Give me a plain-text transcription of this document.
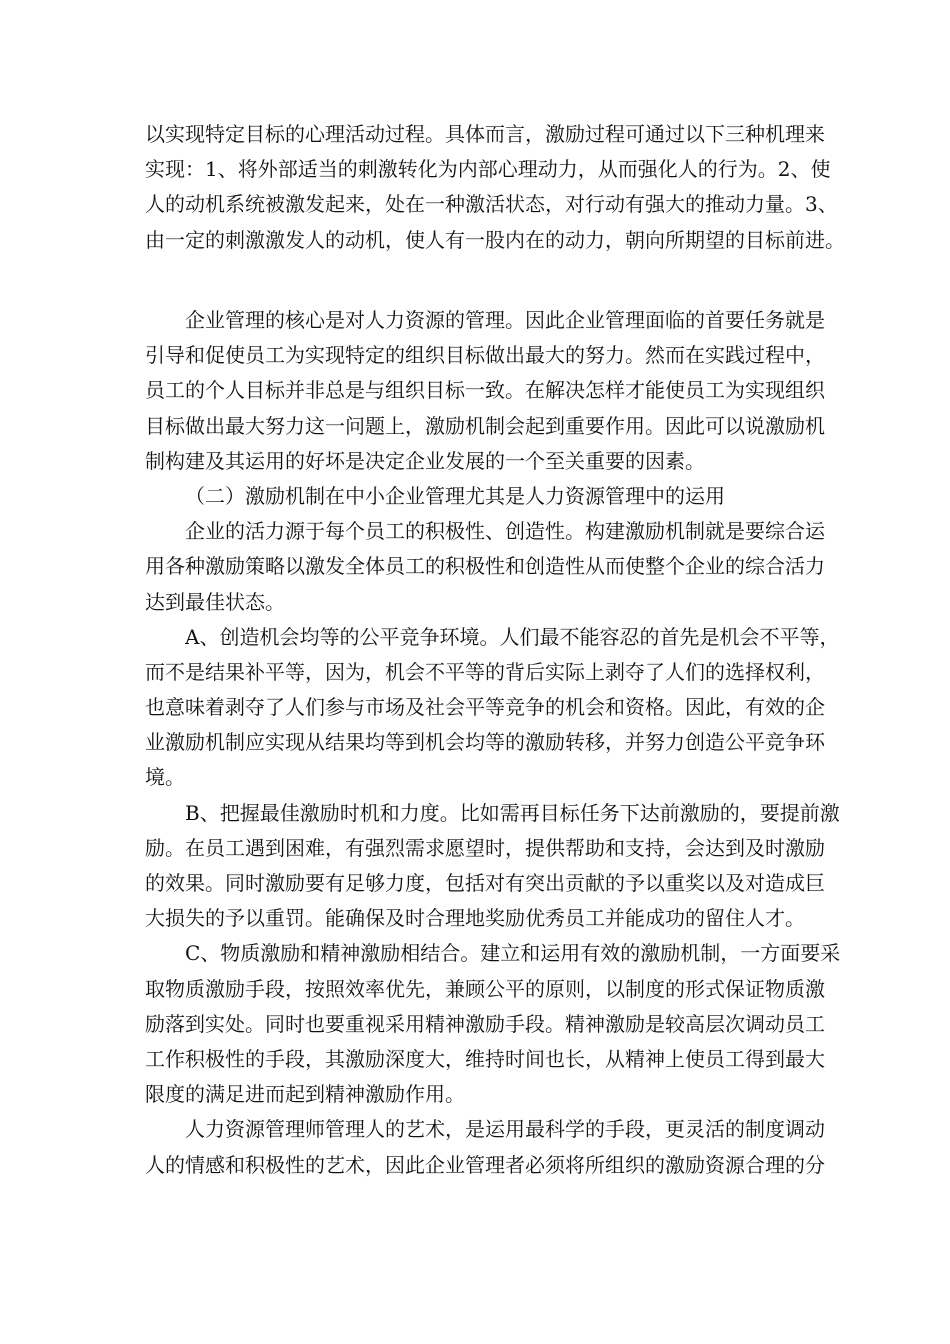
以实现特定目标的心理活动过程。具体而言，激励过程可通过以下三种机理来
实现：1、将外部适当的刺激转化为内部心理动力，从而强化人的行为。2、使
人的动机系统被激发起来，处在一种激活状态，对行动有强大的推动力量。3、
由一定的刺激激发人的动机，使人有一股内在的动力，朝向所期望的目标前进。
企业管理的核心是对人力资源的管理。因此企业管理面临的首要任务就是
引导和促使员工为实现特定的组织目标做出最大的努力。然而在实践过程中，
员工的个人目标并非总是与组织目标一致。在解决怎样才能使员工为实现组织
目标做出最大努力这一问题上，激励机制会起到重要作用。因此可以说激励机
制构建及其运用的好坏是决定企业发展的一个至关重要的因素。
（二）激励机制在中小企业管理尤其是人力资源管理中的运用
企业的活力源于每个员工的积极性、创造性。构建激励机制就是要综合运
用各种激励策略以激发全体员工的积极性和创造性从而使整个企业的综合活力
达到最佳状态。
A、创造机会均等的公平竞争环境。人们最不能容忍的首先是机会不平等，
而不是结果补平等，因为，机会不平等的背后实际上剥夺了人们的选择权利，
也意味着剥夺了人们参与市场及社会平等竞争的机会和资格。因此，有效的企
业激励机制应实现从结果均等到机会均等的激励转移，并努力创造公平竞争环
境。
B、把握最佳激励时机和力度。比如需再目标任务下达前激励的，要提前激
励。在员工遇到困难，有强烈需求愿望时，提供帮助和支持，会达到及时激励
的效果。同时激励要有足够力度，包括对有突出贡献的予以重奖以及对造成巨
大损失的予以重罚。能确保及时合理地奖励优秀员工并能成功的留住人才。
C、物质激励和精神激励相结合。建立和运用有效的激励机制，一方面要采
取物质激励手段，按照效率优先，兼顾公平的原则，以制度的形式保证物质激
励落到实处。同时也要重视采用精神激励手段。精神激励是较高层次调动员工
工作积极性的手段，其激励深度大，维持时间也长，从精神上使员工得到最大
限度的满足进而起到精神激励作用。
人力资源管理师管理人的艺术，是运用最科学的手段，更灵活的制度调动
人的情感和积极性的艺术，因此企业管理者必须将所组织的激励资源合理的分
